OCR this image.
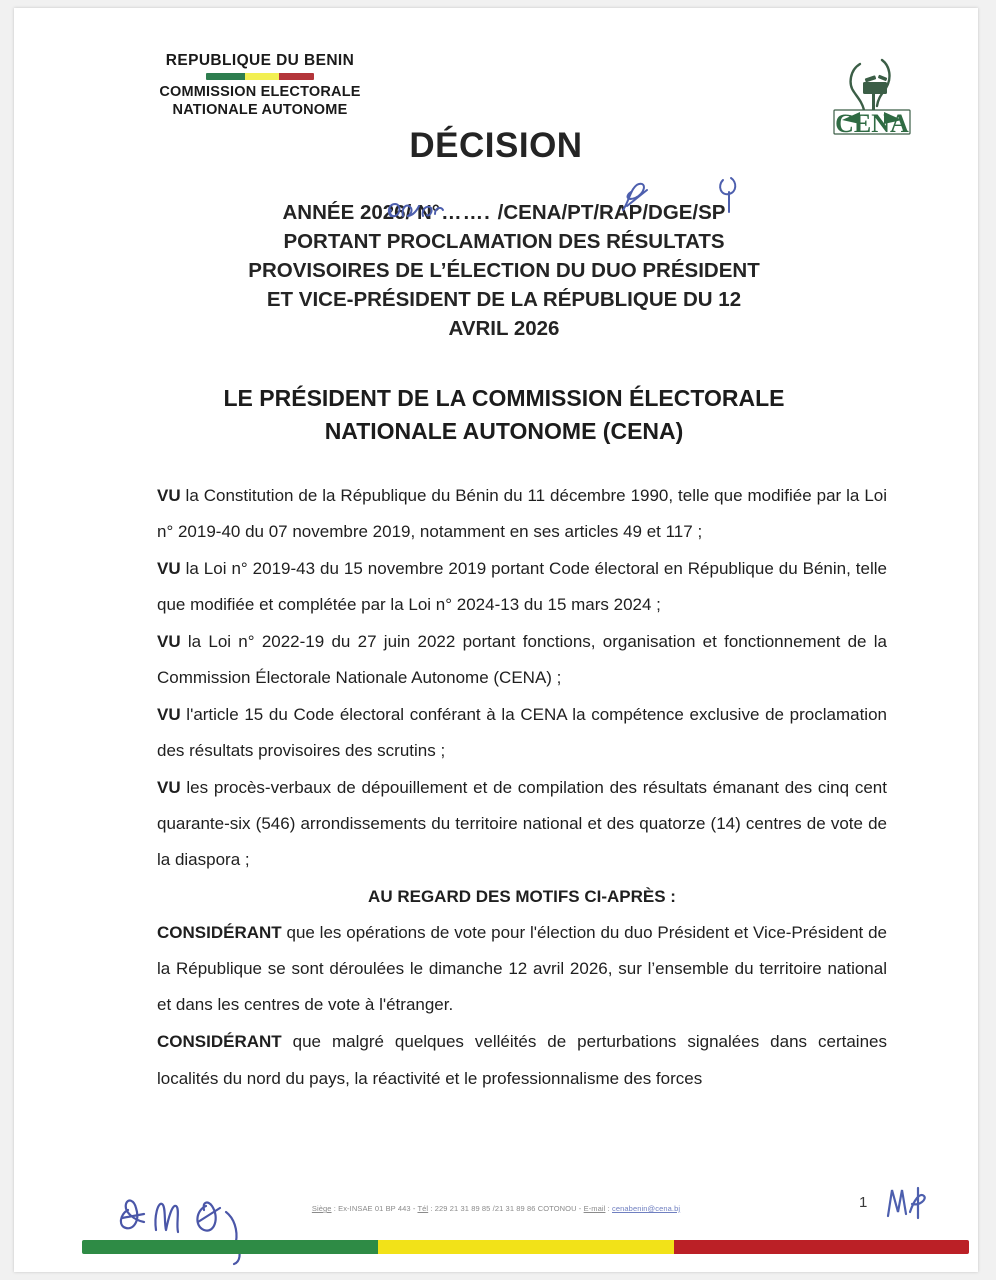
REPUBLIQUE DU BENIN
COMMISSION ELECTORALE
NATIONALE AUTONOME	CENA
DÉCISION
ANNÉE 2026/ N°……. /CENA/PT/RAP/DGE/SP
PORTANT PROCLAMATION DES RÉSULTATS
PROVISOIRES DE L’ÉLECTION DU DUO PRÉSIDENT
ET VICE-PRÉSIDENT DE LA RÉPUBLIQUE DU 12
AVRIL 2026
LE PRÉSIDENT DE LA COMMISSION ÉLECTORALE
NATIONALE AUTONOME (CENA)

VU la Constitution de la République du Bénin du 11 décembre 1990, telle que modifiée par la Loi n° 2019-40 du 07 novembre 2019, notamment en ses articles 49 et 117 ;

VU la Loi n° 2019-43 du 15 novembre 2019 portant Code électoral en République du Bénin, telle que modifiée et complétée par la Loi n° 2024-13 du 15 mars 2024 ;

VU la Loi n° 2022-19 du 27 juin 2022 portant fonctions, organisation et fonctionnement de la Commission Électorale Nationale Autonome (CENA) ;

VU l'article 15 du Code électoral conférant à la CENA la compétence exclusive de proclamation des résultats provisoires des scrutins ;

VU les procès-verbaux de dépouillement et de compilation des résultats émanant des cinq cent quarante-six (546) arrondissements du territoire national et des quatorze (14) centres de vote de la diaspora ;

AU REGARD DES MOTIFS CI-APRÈS :

CONSIDÉRANT que les opérations de vote pour l'élection du duo Président et Vice-Président de la République se sont déroulées le dimanche 12 avril 2026, sur l’ensemble du territoire national et dans les centres de vote à l'étranger.

CONSIDÉRANT que malgré quelques velléités de perturbations signalées dans certaines localités du nord du pays, la réactivité et le professionnalisme des forces

Siège : Ex-INSAE 01 BP 443 - Tél : 229 21 31 89 85 /21 31 89 86 COTONOU - E-mail : cenabenin@cena.bj	1
